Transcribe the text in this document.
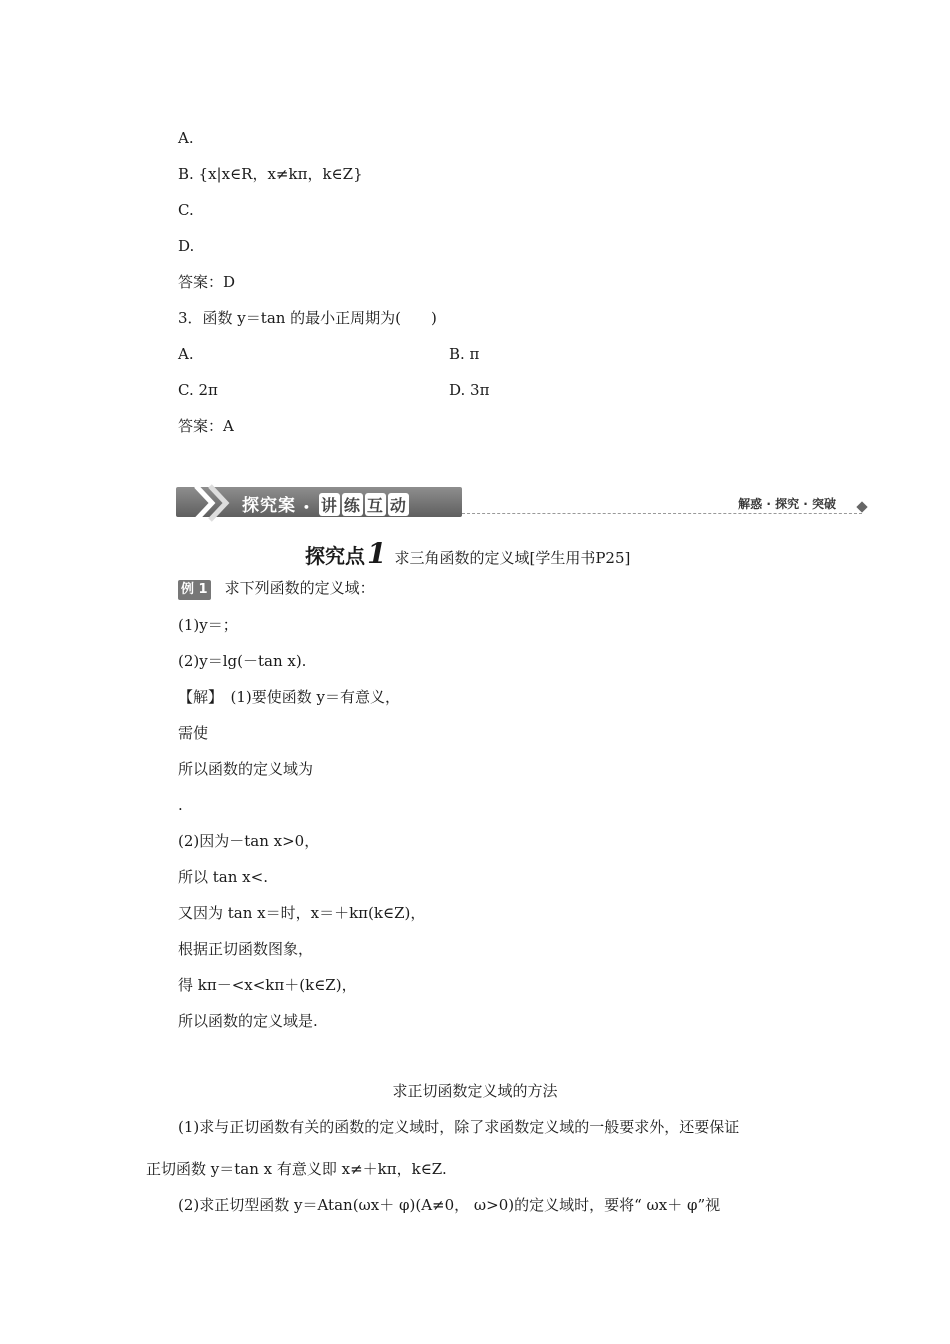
A.
B. {x|x∈R，x≠kπ，k∈Z}
C.
D.
答案：D
3．函数 y＝tan 的最小正周期为(　　)
A.	B. π
C. 2π	D. 3π
答案：A
探究案 • 讲 练 互 动	解惑 · 探究 · 突破
探究点1 求三角函数的定义域[学生用书P25]
例 1 求下列函数的定义域：
(1)y＝；
(2)y＝lg(－tan x).
【解】　(1)要使函数 y＝有意义，
需使
所以函数的定义域为
.
(2)因为－tan x>0，
所以 tan x<.
又因为 tan x＝时，x＝＋kπ(k∈Z)，
根据正切函数图象，
得 kπ－<x<kπ＋(k∈Z)，
所以函数的定义域是.
求正切函数定义域的方法
(1)求与正切函数有关的函数的定义域时，除了求函数定义域的一般要求外，还要保证
正切函数 y＝tan x 有意义即 x≠＋kπ，k∈Z.
(2)求正切型函数 y＝Atan(ωx＋ φ)(A≠0， ω>0)的定义域时，要将“ ωx＋ φ”视
